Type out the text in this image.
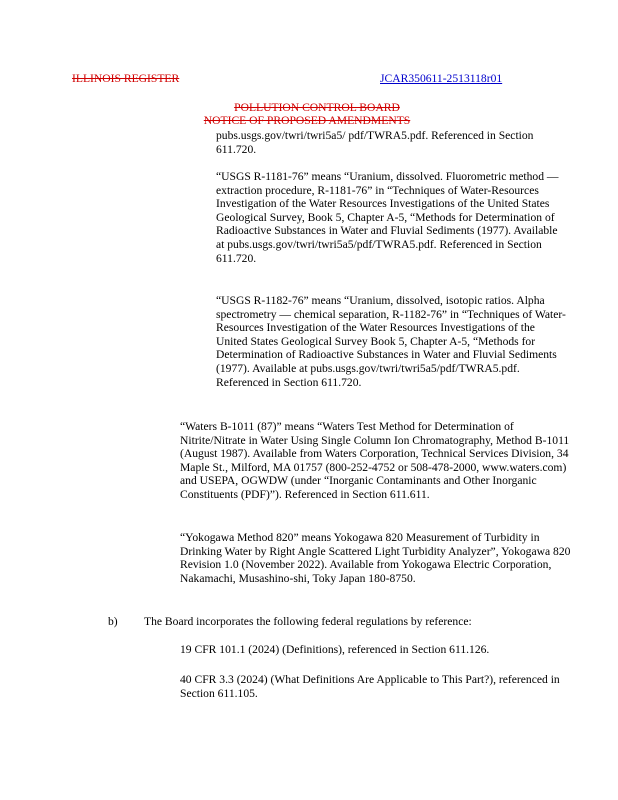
ILLINOIS REGISTER	JCAR350611-2513118r01
POLLUTION CONTROL BOARD
NOTICE OF PROPOSED AMENDMENTS
pubs.usgs.gov/twri/twri5a5/ pdf/TWRA5.pdf. Referenced in Section 611.720.
“USGS R-1181-76” means “Uranium, dissolved. Fluorometric method — extraction procedure, R-1181-76” in “Techniques of Water-Resources Investigation of the Water Resources Investigations of the United States Geological Survey, Book 5, Chapter A-5, “Methods for Determination of Radioactive Substances in Water and Fluvial Sediments (1977). Available at pubs.usgs.gov/twri/twri5a5/pdf/TWRA5.pdf. Referenced in Section 611.720.
“USGS R-1182-76” means “Uranium, dissolved, isotopic ratios. Alpha spectrometry — chemical separation, R-1182-76” in “Techniques of Water-Resources Investigation of the Water Resources Investigations of the United States Geological Survey Book 5, Chapter A-5, “Methods for Determination of Radioactive Substances in Water and Fluvial Sediments (1977). Available at pubs.usgs.gov/twri/twri5a5/pdf/TWRA5.pdf. Referenced in Section 611.720.
“Waters B-1011 (87)” means “Waters Test Method for Determination of Nitrite/Nitrate in Water Using Single Column Ion Chromatography, Method B-1011 (August 1987). Available from Waters Corporation, Technical Services Division, 34 Maple St., Milford, MA 01757 (800-252-4752 or 508-478-2000, www.waters.com) and USEPA, OGWDW (under “Inorganic Contaminants and Other Inorganic Constituents (PDF)”). Referenced in Section 611.611.
“Yokogawa Method 820” means Yokogawa 820 Measurement of Turbidity in Drinking Water by Right Angle Scattered Light Turbidity Analyzer”, Yokogawa 820 Revision 1.0 (November 2022). Available from Yokogawa Electric Corporation, Nakamachi, Musashino-shi, Toky Japan 180-8750.
b) The Board incorporates the following federal regulations by reference:
19 CFR 101.1 (2024) (Definitions), referenced in Section 611.126.
40 CFR 3.3 (2024) (What Definitions Are Applicable to This Part?), referenced in Section 611.105.
